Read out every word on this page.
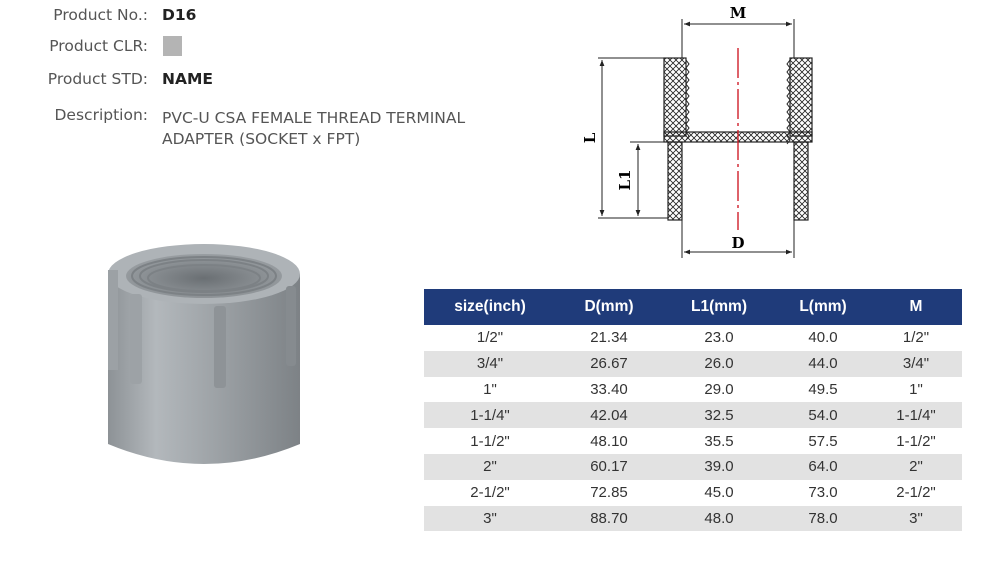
Product No.: D16
Product CLR:
Product STD: NAME
Description: PVC-U CSA FEMALE THREAD TERMINAL
ADAPTER (SOCKET x FPT)
M
L
L1
D
size(inch)	D(mm)	L1(mm)	L(mm)	M
1/2"	21.34	23.0	40.0	1/2"
3/4"	26.67	26.0	44.0	3/4"
1"	33.40	29.0	49.5	1"
1-1/4"	42.04	32.5	54.0	1-1/4"
1-1/2"	48.10	35.5	57.5	1-1/2"
2"	60.17	39.0	64.0	2"
2-1/2"	72.85	45.0	73.0	2-1/2"
3"	88.70	48.0	78.0	3"
